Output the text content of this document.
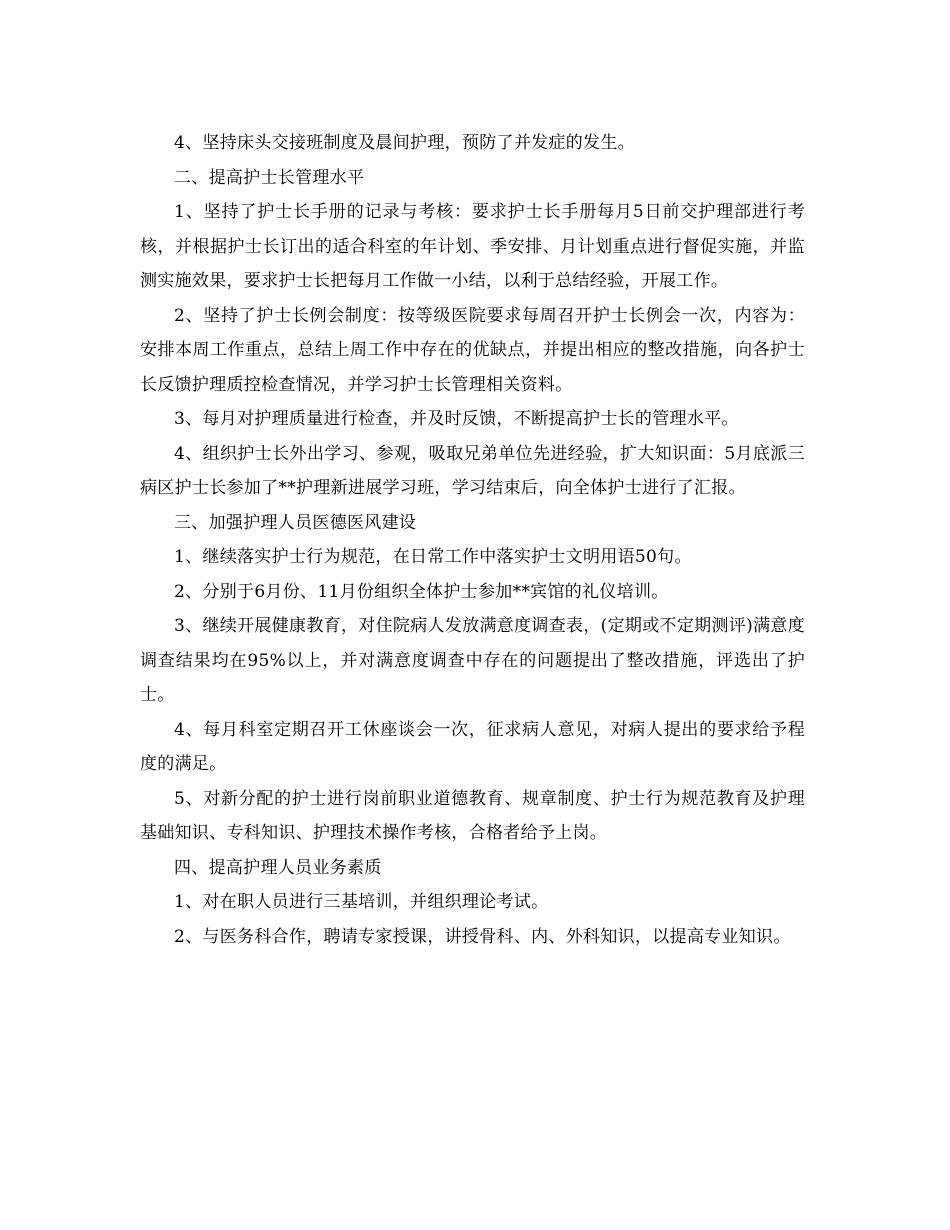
4、坚持床头交接班制度及晨间护理，预防了并发症的发生。

二、提高护士长管理水平

1、坚持了护士长手册的记录与考核：要求护士长手册每月5日前交护理部进行考核，并根据护士长订出的适合科室的年计划、季安排、月计划重点进行督促实施，并监测实施效果，要求护士长把每月工作做一小结，以利于总结经验，开展工作。

2、坚持了护士长例会制度：按等级医院要求每周召开护士长例会一次，内容为：安排本周工作重点，总结上周工作中存在的优缺点，并提出相应的整改措施，向各护士长反馈护理质控检查情况，并学习护士长管理相关资料。

3、每月对护理质量进行检查，并及时反馈，不断提高护士长的管理水平。

4、组织护士长外出学习、参观，吸取兄弟单位先进经验，扩大知识面：5月底派三病区护士长参加了**护理新进展学习班，学习结束后，向全体护士进行了汇报。

三、加强护理人员医德医风建设

1、继续落实护士行为规范，在日常工作中落实护士文明用语50句。

2、分别于6月份、11月份组织全体护士参加**宾馆的礼仪培训。

3、继续开展健康教育，对住院病人发放满意度调查表，(定期或不定期测评)满意度调查结果均在95%以上，并对满意度调查中存在的问题提出了整改措施，评选出了护士。

4、每月科室定期召开工休座谈会一次，征求病人意见，对病人提出的要求给予程度的满足。

5、对新分配的护士进行岗前职业道德教育、规章制度、护士行为规范教育及护理基础知识、专科知识、护理技术操作考核，合格者给予上岗。

四、提高护理人员业务素质

1、对在职人员进行三基培训，并组织理论考试。

2、与医务科合作，聘请专家授课，讲授骨科、内、外科知识，以提高专业知识。
